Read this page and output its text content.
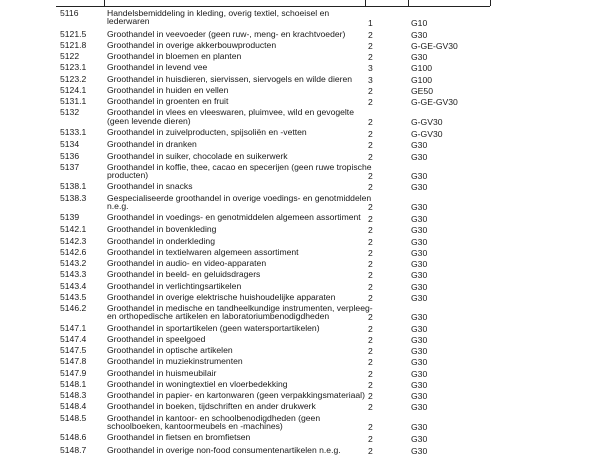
5116	Handelsbemiddeling in kleding, overig textiel, schoeisel en
lederwaren	1	G10
5121.5 Groothandel in veevoeder (geen ruw-, meng- en krachtvoeder)	2	G30
5121.8 Groothandel in overige akkerbouwproducten	2	G-GE-GV30
5122	Groothandel in bloemen en planten	2	G30
5123.1 Groothandel in levend vee	3	G100
5123.2 Groothandel in huisdieren, siervissen, siervogels en wilde dieren	3	G100
5124.1 Groothandel in huiden en vellen	2	GE50
5131.1 Groothandel in groenten en fruit	2	G-GE-GV30
5132	Groothandel in vlees en vleeswaren, pluimvee, wild en gevogelte
(geen levende dieren)	2	G-GV30
5133.1 Groothandel in zuivelproducten, spijsoliën en -vetten	2	G-GV30
5134	Groothandel in dranken	2	G30
5136	Groothandel in suiker, chocolade en suikerwerk	2	G30
5137	Groothandel in koffie, thee, cacao en specerijen (geen ruwe tropische
producten)	2	G30
5138.1 Groothandel in snacks	2	G30
5138.3 Gespecialiseerde groothandel in overige voedings- en genotmiddelen
n.e.g.	2	G30
5139	Groothandel in voedings- en genotmiddelen algemeen assortiment 2	G30
5142.1 Groothandel in bovenkleding	2	G30
5142.3 Groothandel in onderkleding	2	G30
5142.6 Groothandel in textielwaren algemeen assortiment	2	G30
5143.2 Groothandel in audio- en video-apparaten	2	G30
5143.3 Groothandel in beeld- en geluidsdragers	2	G30
5143.4 Groothandel in verlichtingsartikelen	2	G30
5143.5 Groothandel in overige elektrische huishoudelijke apparaten	2	G30
5146.2 Groothandel in medische en tandheelkundige instrumenten, verpleeg-
en orthopedische artikelen en laboratoriumbenodigdheden	2	G30
5147.1 Groothandel in sportartikelen (geen watersportartikelen)	2	G30
5147.4 Groothandel in speelgoed	2	G30
5147.5 Groothandel in optische artikelen	2	G30
5147.8 Groothandel in muziekinstrumenten	2	G30
5147.9 Groothandel in huismeubilair	2	G30
5148.1 Groothandel in woningtextiel en vloerbedekking	2	G30
5148.3 Groothandel in papier- en kartonwaren (geen verpakkingsmateriaal) 2	G30
5148.4 Groothandel in boeken, tijdschriften en ander drukwerk	2	G30
5148.5 Groothandel in kantoor- en schoolbenodigdheden (geen
schoolboeken, kantoormeubels en -machines)	2	G30
5148.6 Groothandel in fietsen en bromfietsen	2	G30
5148.7 Groothandel in overige non-food consumentenartikelen n.e.g.	2	G30
